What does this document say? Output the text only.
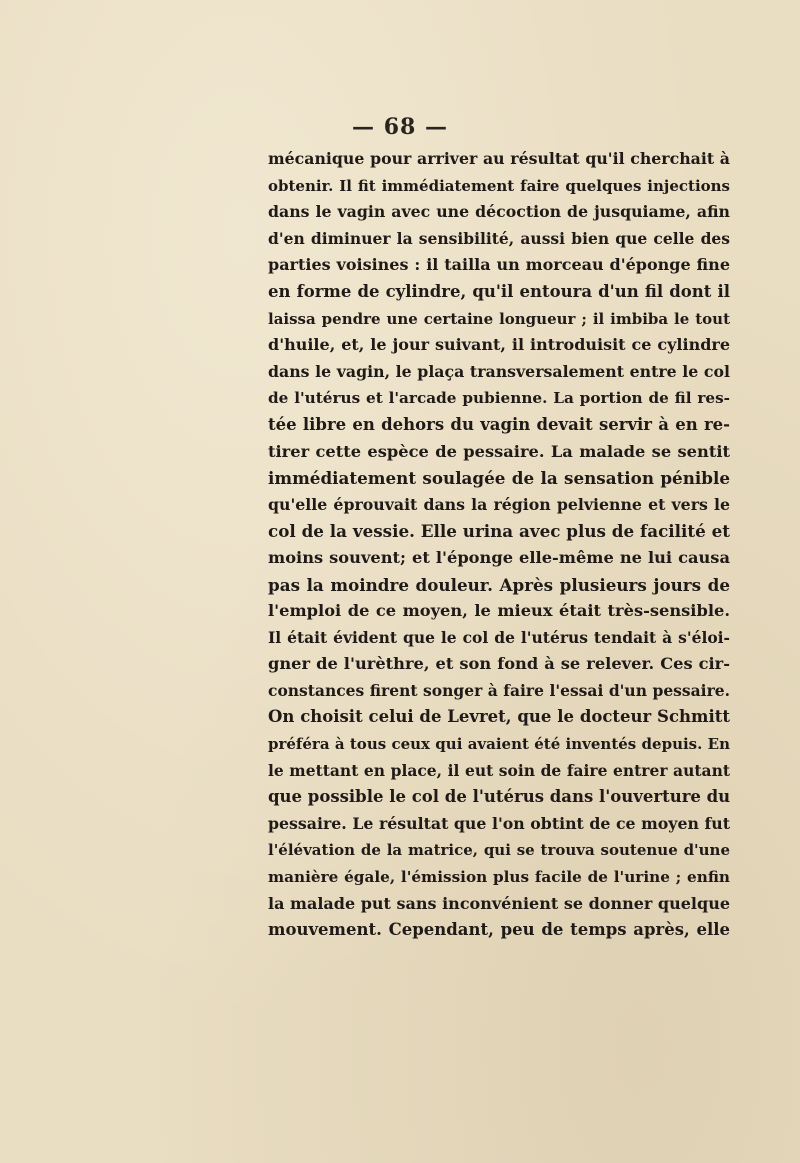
— 68 —
mécanique pour arriver au résultat qu'il cherchait à
obtenir. Il fit immédiatement faire quelques injections
dans le vagin avec une décoction de jusquiame, afin
d'en diminuer la sensibilité, aussi bien que celle des
parties voisines : il tailla un morceau d'éponge fine
en forme de cylindre, qu'il entoura d'un fil dont il
laissa pendre une certaine longueur ; il imbiba le tout
d'huile, et, le jour suivant, il introduisit ce cylindre
dans le vagin, le plaça transversalement entre le col
de l'utérus et l'arcade pubienne. La portion de fil res-
tée libre en dehors du vagin devait servir à en re-
tirer cette espèce de pessaire. La malade se sentit
immédiatement soulagée de la sensation pénible
qu'elle éprouvait dans la région pelvienne et vers le
col de la vessie. Elle urina avec plus de facilité et
moins souvent; et l'éponge elle-même ne lui causa
pas la moindre douleur. Après plusieurs jours de
l'emploi de ce moyen, le mieux était très-sensible.
Il était évident que le col de l'utérus tendait à s'éloi-
gner de l'urèthre, et son fond à se relever. Ces cir-
constances firent songer à faire l'essai d'un pessaire.
On choisit celui de Levret, que le docteur Schmitt
préféra à tous ceux qui avaient été inventés depuis. En
le mettant en place, il eut soin de faire entrer autant
que possible le col de l'utérus dans l'ouverture du
pessaire. Le résultat que l'on obtint de ce moyen fut
l'élévation de la matrice, qui se trouva soutenue d'une
manière égale, l'émission plus facile de l'urine ; enfin
la malade put sans inconvénient se donner quelque
mouvement. Cependant, peu de temps après, elle
